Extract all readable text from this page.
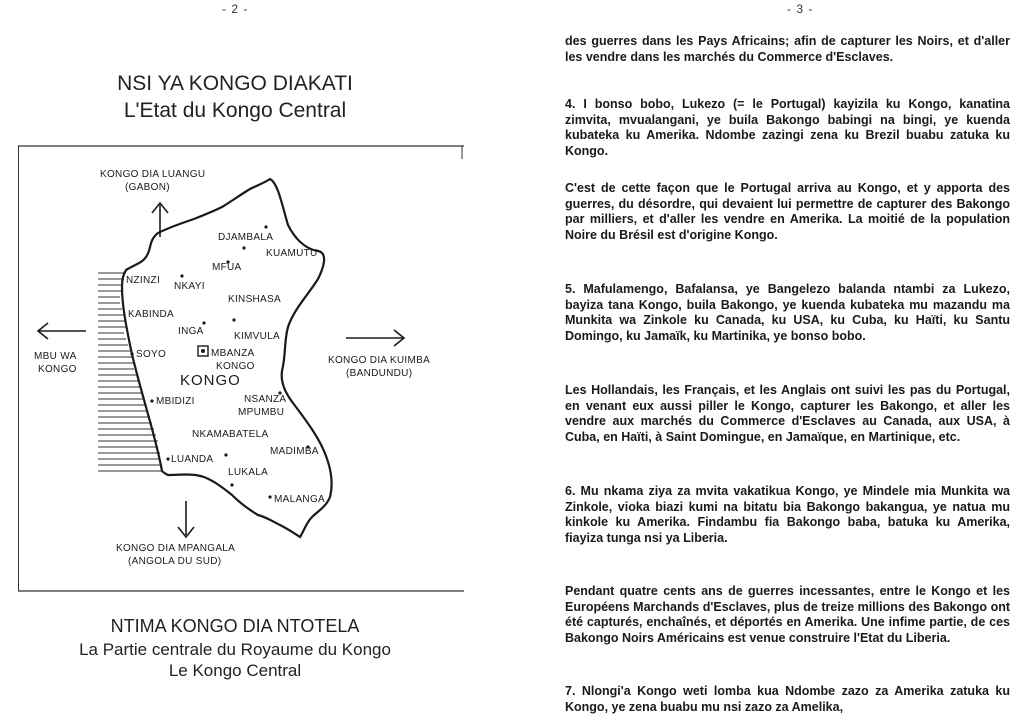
- 2 -
NSI YA KONGO DIAKATI
L'Etat du Kongo Central
KONGO DIA LUANGU
(GABON)
MBU WA
KONGO
KONGO DIA KUIMBA
(BANDUNDU)
KONGO DIA MPANGALA
(ANGOLA DU SUD)
KONGO
DJAMBALA
KUAMUTU
MFUA
NZINZI
NKAYI
KINSHASA
KABINDA
INGA	KIMVULA
SOYO	MBANZA
KONGO
MBIDIZI	NSANZA
MPUMBU
NKAMABATELA
MADIMBA
LUANDA
LUKALA
MALANGA
NTIMA KONGO DIA NTOTELA
La Partie centrale du Royaume du Kongo
Le Kongo Central
- 3 -

des guerres dans les Pays Africains; afin de capturer les Noirs, et d'aller les vendre dans les marchés du Commerce d'Esclaves.

4. I bonso bobo, Lukezo (= le Portugal) kayizila ku Kongo, kanatina zimvita, mvualangani, ye buila Bakongo babingi na bingi, ye kuenda kubateka ku Amerika. Ndombe zazingi zena ku Brezil buabu zatuka ku Kongo.

C'est de cette façon que le Portugal arriva au Kongo, et y apporta des guerres, du désordre, qui devaient lui permettre de capturer des Bakongo par milliers, et d'aller les vendre en Amerika. La moitié de la population Noire du Brésil est d'origine Kongo.

5. Mafulamengo, Bafalansa, ye Bangelezo balanda ntambi za Lukezo, bayiza tana Kongo, buila Bakongo, ye kuenda kubateka mu mazandu ma Munkita wa Zinkole ku Canada, ku USA, ku Cuba, ku Haïti, ku Santu Domingo, ku Jamaïk, ku Martinika, ye bonso bobo.

Les Hollandais, les Français, et les Anglais ont suivi les pas du Portugal, en venant eux aussi piller le Kongo, capturer les Bakongo, et aller les vendre aux marchés du Commerce d'Esclaves au Canada, aux USA, à Cuba, en Haïti, à Saint Domingue, en Jamaïque, en Martinique, etc.

6. Mu nkama ziya za mvita vakatikua Kongo, ye Mindele mia Munkita wa Zinkole, vioka biazi kumi na bitatu bia Bakongo bakangua, ye natua mu kinkole ku Amerika. Findambu fia Bakongo baba, batuka ku Amerika, fiayiza tunga nsi ya Liberia.

Pendant quatre cents ans de guerres incessantes, entre le Kongo et les Européens Marchands d'Esclaves, plus de treize millions des Bakongo ont été capturés, enchaînés, et déportés en Amerika. Une infime partie, de ces Bakongo Noirs Américains est venue construire l'Etat du Liberia.

7. Nlongi'a Kongo weti lomba kua Ndombe zazo za Amerika zatuka ku Kongo, ye zena buabu mu nsi zazo za Amelika,
